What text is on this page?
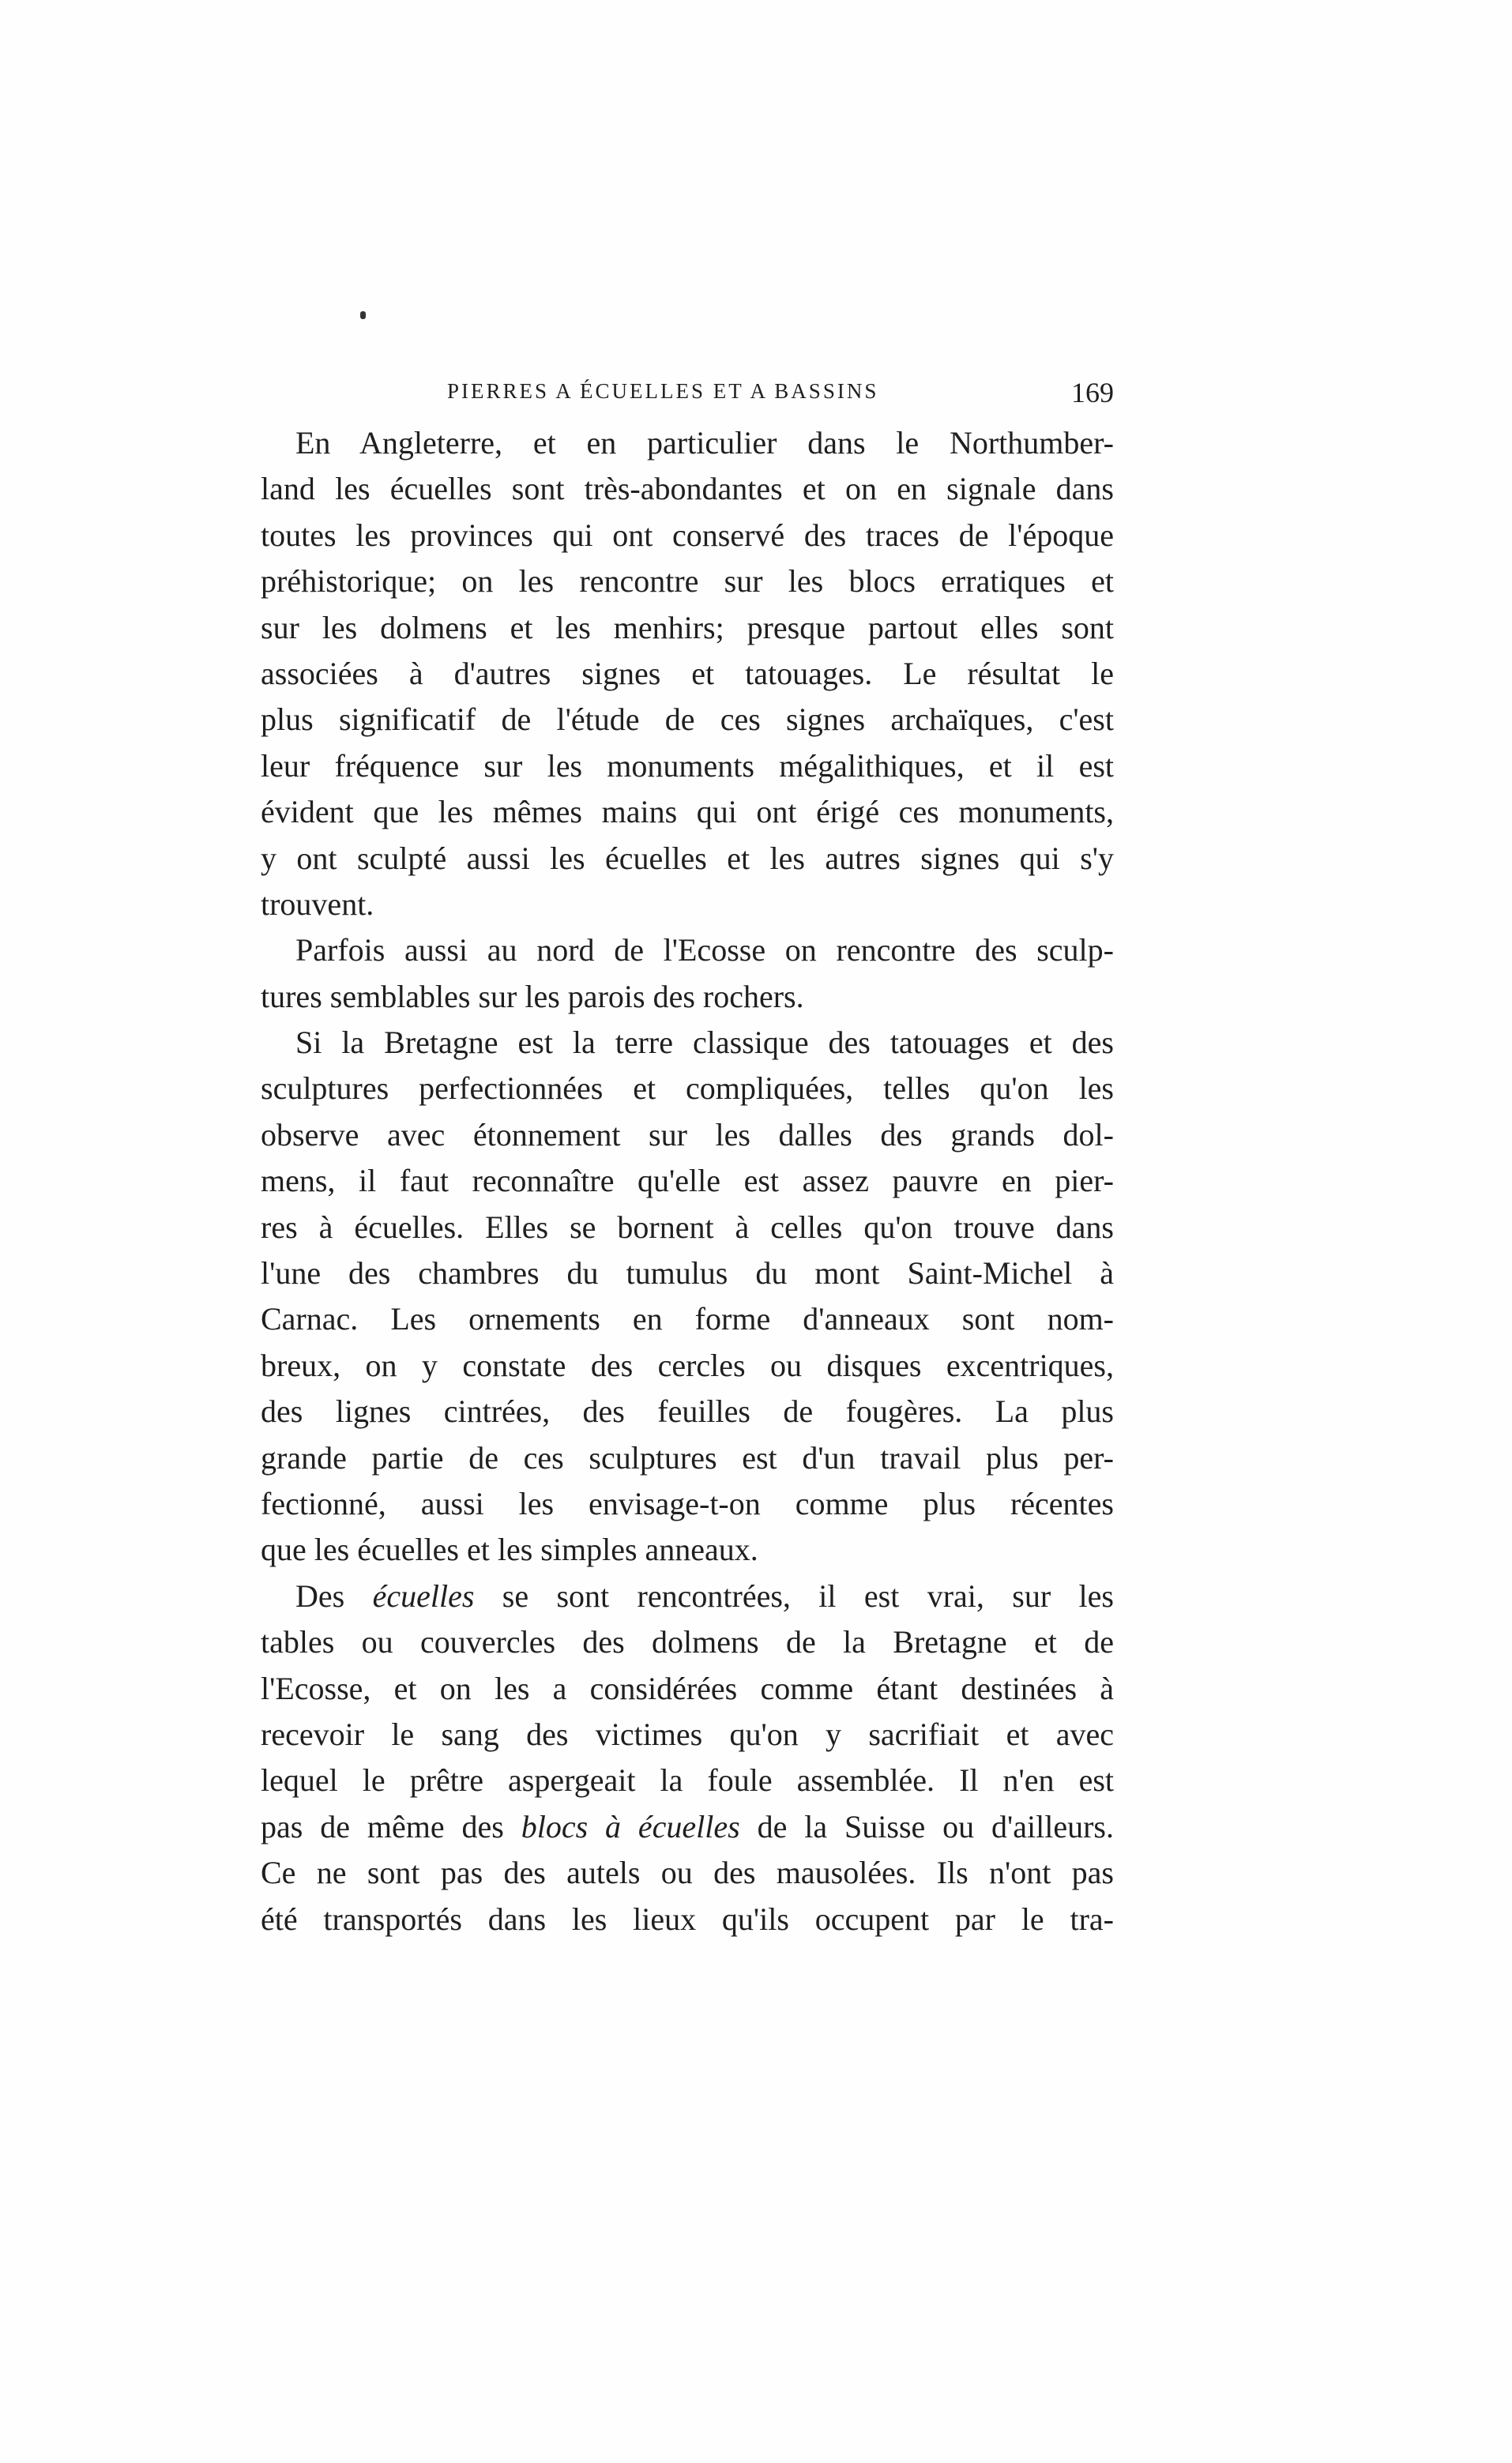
PIERRES A ÉCUELLES ET A BASSINS	169
En Angleterre, et en particulier dans le Northumber-
land les écuelles sont très-abondantes et on en signale dans
toutes les provinces qui ont conservé des traces de l'époque
préhistorique; on les rencontre sur les blocs erratiques et
sur les dolmens et les menhirs; presque partout elles sont
associées à d'autres signes et tatouages. Le résultat le
plus significatif de l'étude de ces signes archaïques, c'est
leur fréquence sur les monuments mégalithiques, et il est
évident que les mêmes mains qui ont érigé ces monuments,
y ont sculpté aussi les écuelles et les autres signes qui s'y
trouvent.
Parfois aussi au nord de l'Ecosse on rencontre des sculp-
tures semblables sur les parois des rochers.
Si la Bretagne est la terre classique des tatouages et des
sculptures perfectionnées et compliquées, telles qu'on les
observe avec étonnement sur les dalles des grands dol-
mens, il faut reconnaître qu'elle est assez pauvre en pier-
res à écuelles. Elles se bornent à celles qu'on trouve dans
l'une des chambres du tumulus du mont Saint-Michel à
Carnac. Les ornements en forme d'anneaux sont nom-
breux, on y constate des cercles ou disques excentriques,
des lignes cintrées, des feuilles de fougères. La plus
grande partie de ces sculptures est d'un travail plus per-
fectionné, aussi les envisage-t-on comme plus récentes
que les écuelles et les simples anneaux.
Des écuelles se sont rencontrées, il est vrai, sur les
tables ou couvercles des dolmens de la Bretagne et de
l'Ecosse, et on les a considérées comme étant destinées à
recevoir le sang des victimes qu'on y sacrifiait et avec
lequel le prêtre aspergeait la foule assemblée. Il n'en est
pas de même des blocs à écuelles de la Suisse ou d'ailleurs.
Ce ne sont pas des autels ou des mausolées. Ils n'ont pas
été transportés dans les lieux qu'ils occupent par le tra-
